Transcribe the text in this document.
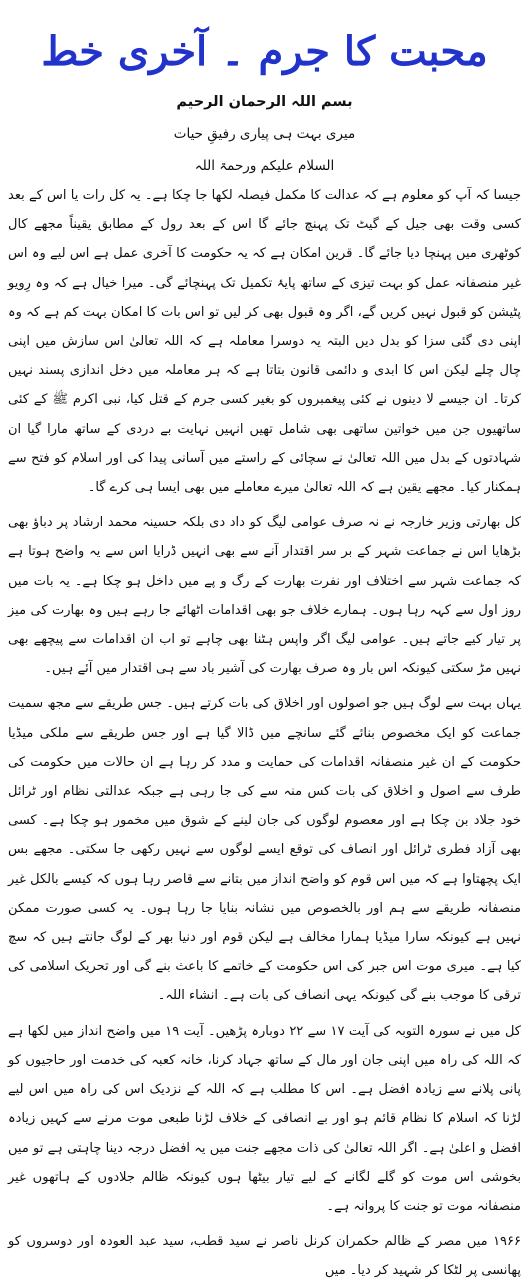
محبت کا جرم ۔ آخری خط
بسم اللہ الرحمان الرحیم
میری بہت ہی پیاری رفیقِ حیات
السلام علیکم ورحمۃ اللہ

جیسا کہ آپ کو معلوم ہے کہ عدالت کا مکمل فیصلہ لکھا جا چکا ہے۔ یہ کل رات یا اس کے بعد کسی وقت بھی جیل کے گیٹ تک پہنچ جائے گا اس کے بعد رول کے مطابق یقیناً مجھے کال کوٹھری میں پہنچا دیا جائے گا۔ قرین امکان ہے کہ یہ حکومت کا آخری عمل ہے اس لیے وہ اس غیر منصفانہ عمل کو بہت تیزی کے ساتھ پایۂ تکمیل تک پہنچائے گی۔ میرا خیال ہے کہ وہ رِویو پٹیشن کو قبول نہیں کریں گے، اگر وہ قبول بھی کر لیں تو اس بات کا امکان بہت کم ہے کہ وہ اپنی دی گئی سزا کو بدل دیں البتہ یہ دوسرا معاملہ ہے کہ اللہ تعالیٰ اس سازش میں اپنی چال چلے لیکن اس کا ابدی و دائمی قانون بتاتا ہے کہ ہر معاملہ میں دخل اندازی پسند نہیں کرتا۔ ان جیسے لا دینوں نے کئی پیغمبروں کو بغیر کسی جرم کے قتل کیا، نبی اکرم ﷺ کے کئی ساتھیوں جن میں خواتین ساتھی بھی شامل تھیں انہیں نہایت بے دردی کے ساتھ مارا گیا ان شہادتوں کے بدل میں اللہ تعالیٰ نے سچائی کے راستے میں آسانی پیدا کی اور اسلام کو فتح سے ہمکنار کیا۔ مجھے یقین ہے کہ اللہ تعالیٰ میرے معاملے میں بھی ایسا ہی کرے گا۔

کل بھارتی وزیر خارجہ نے نہ صرف عوامی لیگ کو داد دی بلکہ حسینہ محمد ارشاد پر دباؤ بھی بڑھایا اس نے جماعت شہر کے بر سر اقتدار آنے سے بھی انہیں ڈرایا اس سے یہ واضح ہوتا ہے کہ جماعت شہر سے اختلاف اور نفرت بھارت کے رگ و پے میں داخل ہو چکا ہے۔ یہ بات میں روز اول سے کہہ رہا ہوں۔ ہمارے خلاف جو بھی اقدامات اٹھائے جا رہے ہیں وہ بھارت کی میز پر تیار کیے جاتے ہیں۔ عوامی لیگ اگر واپس ہٹنا بھی چاہے تو اب ان اقدامات سے پیچھے بھی نہیں مڑ سکتی کیونکہ اس بار وہ صرف بھارت کی آشیر باد سے ہی اقتدار میں آئے ہیں۔

یہاں بہت سے لوگ ہیں جو اصولوں اور اخلاق کی بات کرتے ہیں۔ جس طریقے سے مجھ سمیت جماعت کو ایک مخصوص بنائے گئے سانچے میں ڈالا گیا ہے اور جس طریقے سے ملکی میڈیا حکومت کے ان غیر منصفانہ اقدامات کی حمایت و مدد کر رہا ہے ان حالات میں حکومت کی طرف سے اصول و اخلاق کی بات کس منہ سے کی جا رہی ہے جبکہ عدالتی نظام اور ٹرائل خود جلاد بن چکا ہے اور معصوم لوگوں کی جان لینے کے شوق میں مخمور ہو چکا ہے۔ کسی بھی آزاد فطری ٹرائل اور انصاف کی توقع ایسے لوگوں سے نہیں رکھی جا سکتی۔ مجھے بس ایک پچھتاوا ہے کہ میں اس قوم کو واضح انداز میں بتانے سے قاصر رہا ہوں کہ کیسے بالکل غیر منصفانہ طریقے سے ہم اور بالخصوص میں نشانہ بنایا جا رہا ہوں۔ یہ کسی صورت ممکن نہیں ہے کیونکہ سارا میڈیا ہمارا مخالف ہے لیکن قوم اور دنیا بھر کے لوگ جانتے ہیں کہ سچ کیا ہے۔ میری موت اس جبر کی اس حکومت کے خاتمے کا باعث بنے گی اور تحریک اسلامی کی ترقی کا موجب بنے گی کیونکہ یہی انصاف کی بات ہے۔ انشاء اللہ۔

کل میں نے سورہ التوبہ کی آیت ۱۷ سے ۲۲ دوبارہ پڑھیں۔ آیت ۱۹ میں واضح انداز میں لکھا ہے کہ اللہ کی راہ میں اپنی جان اور مال کے ساتھ جہاد کرنا، خانہ کعبہ کی خدمت اور حاجیوں کو پانی پلانے سے زیادہ افضل ہے۔ اس کا مطلب ہے کہ اللہ کے نزدیک اس کی راہ میں اس لیے لڑنا کہ اسلام کا نظام قائم ہو اور بے انصافی کے خلاف لڑنا طبعی موت مرنے سے کہیں زیادہ افضل و اعلیٰ ہے۔ اگر اللہ تعالیٰ کی ذات مجھے جنت میں یہ افضل درجہ دینا چاہتی ہے تو میں بخوشی اس موت کو گلے لگانے کے لیے تیار بیٹھا ہوں کیونکہ ظالم جلادوں کے ہاتھوں غیر منصفانہ موت تو جنت کا پروانہ ہے۔

۱۹۶۶ میں مصر کے ظالم حکمران کرنل ناصر نے سید قطب، سید عبد العودہ اور دوسروں کو پھانسی پر لٹکا کر شہید کر دیا۔ میں
